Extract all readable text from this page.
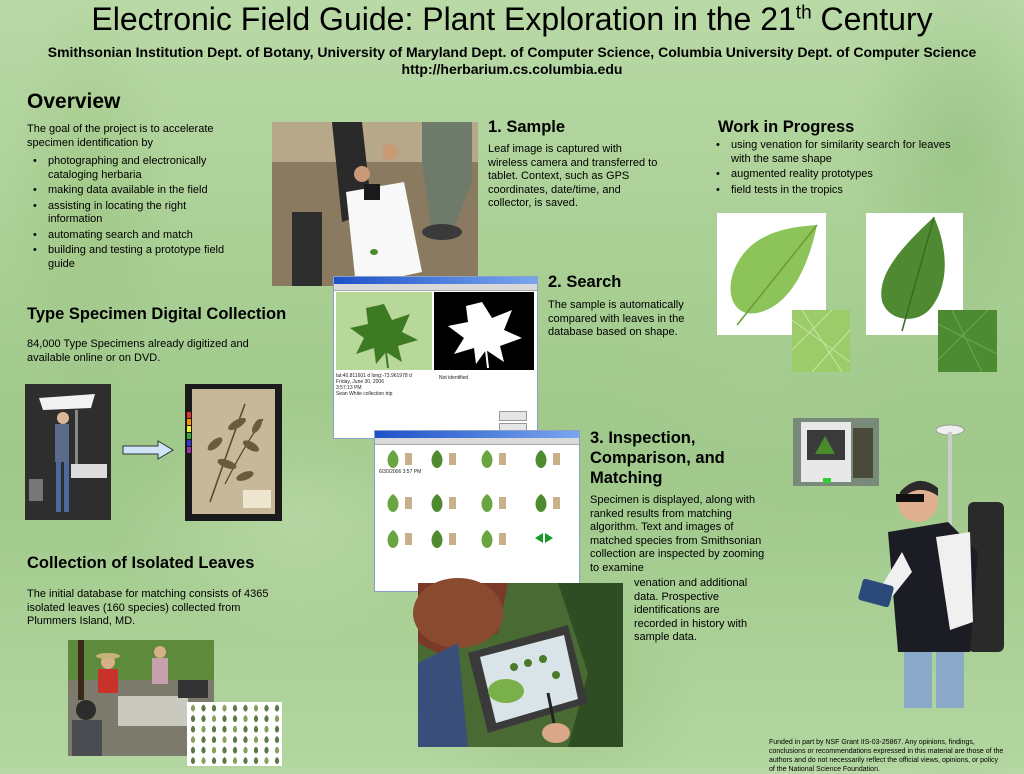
Electronic Field Guide: Plant Exploration in the 21th Century
Smithsonian Institution Dept. of Botany, University of Maryland Dept. of Computer Science, Columbia University Dept. of Computer Science
http://herbarium.cs.columbia.edu
Overview
The goal of the project is to accelerate specimen identification by
• photographing and electronically cataloging herbaria
• making data available in the field
• assisting in locating the right information
• automating search and match
• building and testing a prototype field guide
Type Specimen Digital Collection
84,000 Type Specimens already digitized and available online or on DVD.
Collection of Isolated Leaves
The initial database for matching consists of 4365 isolated leaves (160 species) collected from Plummers Island, MD.
1. Sample
Leaf image is captured with wireless camera and transferred to tablet. Context, such as GPS coordinates, date/time, and collector, is saved.
lat:40.811601 d long:-73.961978 d
Friday, June 30, 2006
3:57:13 PM
Sean White collection trip
Not identified
2. Search
The sample is automatically compared with leaves in the database based on shape.
6/30/2006 3:57 PM
Work in Progress
• using venation for similarity search for leaves with the same shape
• augmented reality prototypes
• field tests in the tropics
3. Inspection, Comparison, and Matching
Specimen is displayed, along with ranked results from matching algorithm. Text and images of matched species from Smithsonian collection are inspected by zooming to examine
venation and additional data. Prospective identifications are recorded in history with sample data.
Funded in part by NSF Grant IIS-03-25867. Any opinions, findings, conclusions or recommendations expressed in this material are those of the authors and do not necessarily reflect the official views, opinions, or policy of the National Science Foundation.
